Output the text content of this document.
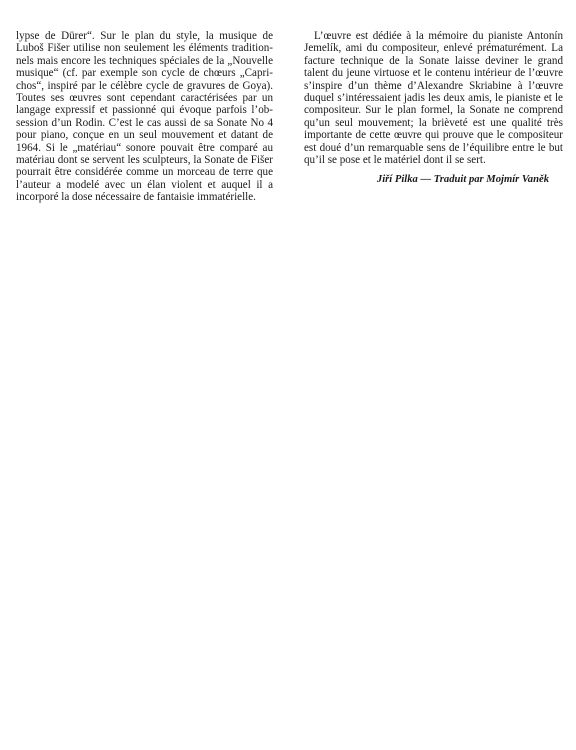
lypse de Dürer“. Sur le plan du style, la musique de Luboš Fišer utilise non seulement les éléments traditionnels mais encore les techniques spéciales de la „Nouvelle musique“ (cf. par exemple son cycle de chœurs „Caprichos“, inspiré par le célèbre cycle de gravures de Goya). Toutes ses œuvres sont cependant caractérisées par un langage expressif et passionné qui évoque parfois l’obsession d’un Rodin. C’est le cas aussi de sa Sonate No 4 pour piano, conçue en un seul mouvement et datant de 1964. Si le „matériau“ sonore pouvait être comparé au matériau dont se servent les sculpteurs, la Sonate de Fišer pourrait être considérée comme un morceau de terre que l’auteur a modelé avec un élan violent et auquel il a incorporé la dose nécessaire de fantaisie immatérielle.

L’œuvre est dédiée à la mémoire du pianiste Antonín Jemelík, ami du compositeur, enlevé prématurément. La facture technique de la Sonate laisse deviner le grand talent du jeune virtuose et le contenu intérieur de l’œuvre s’inspire d’un thème d’Alexandre Skriabine à l’œuvre duquel s’intéressaient jadis les deux amis, le pianiste et le compositeur. Sur le plan formel, la Sonate ne comprend qu’un seul mouvement; la brièveté est une qualité très importante de cette œuvre qui prouve que le compositeur est doué d’un remarquable sens de l’équilibre entre le but qu’il se pose et le matériel dont il se sert.

Jiří Pilka — Traduit par Mojmír Vaněk
